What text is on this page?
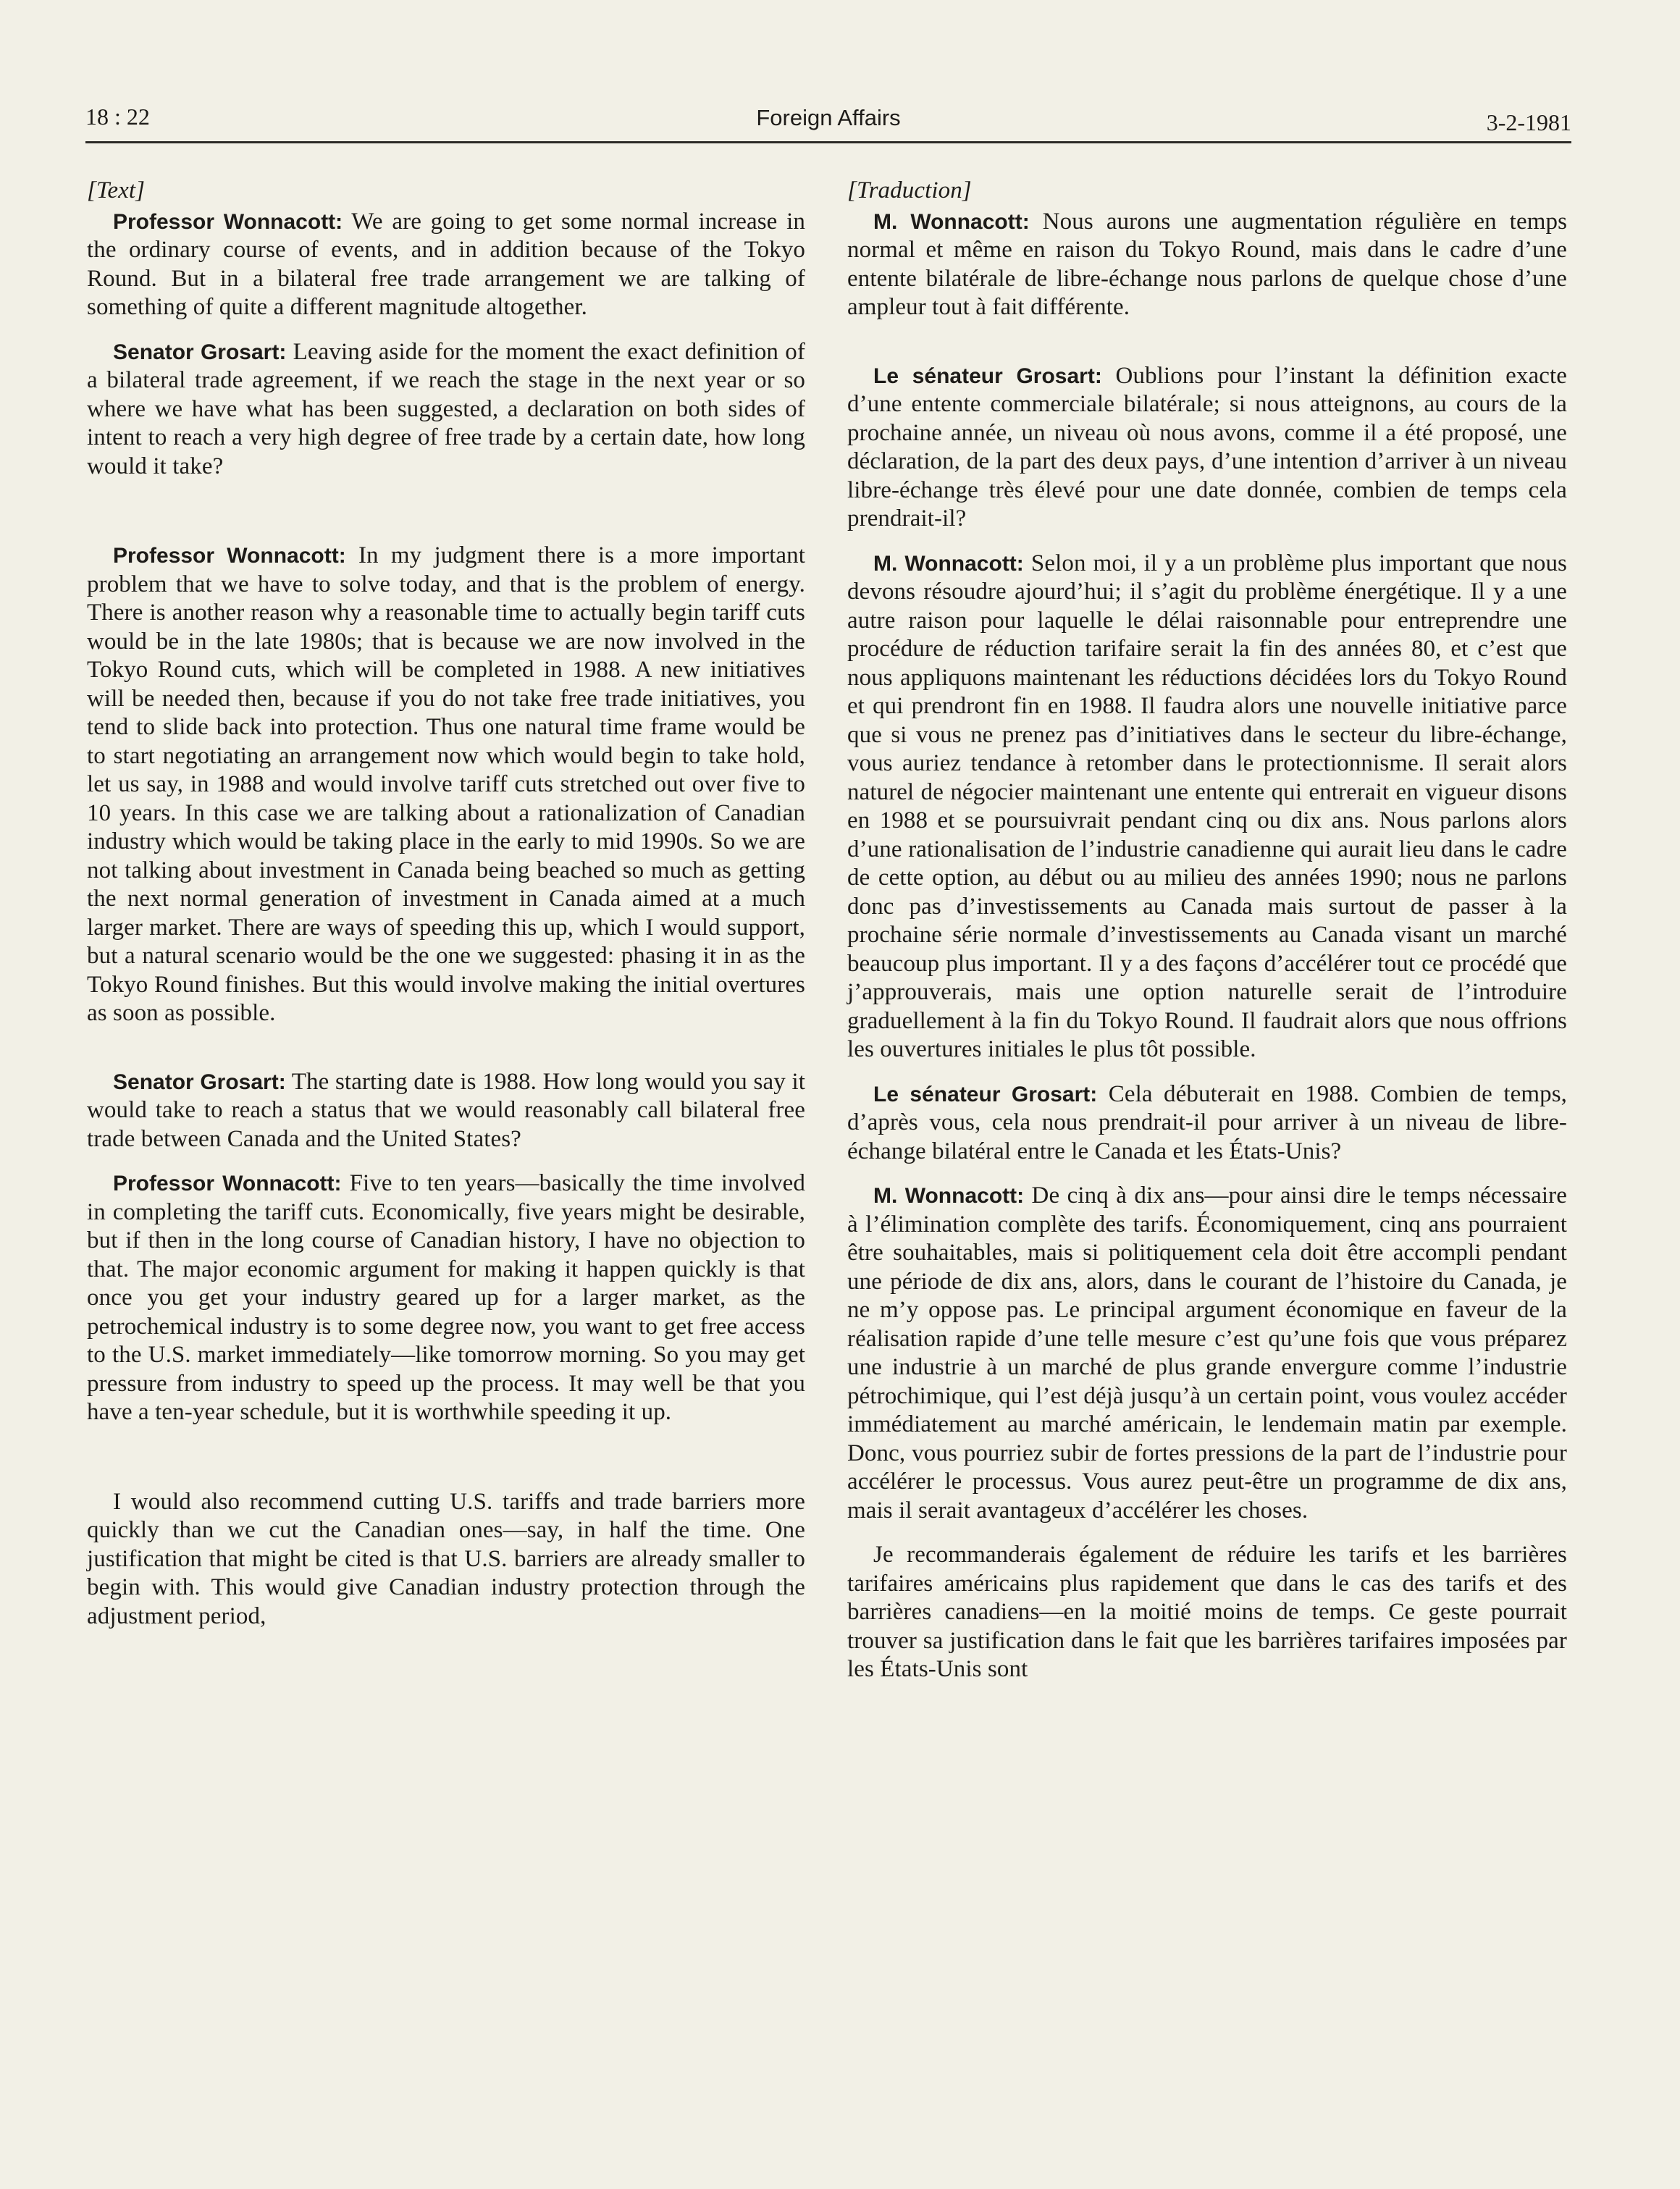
18 : 22	Foreign Affairs	3-2-1981

[Text]

Professor Wonnacott: We are going to get some normal increase in the ordinary course of events, and in addition because of the Tokyo Round. But in a bilateral free trade arrangement we are talking of something of quite a different magnitude altogether.

Senator Grosart: Leaving aside for the moment the exact definition of a bilateral trade agreement, if we reach the stage in the next year or so where we have what has been suggested, a declaration on both sides of intent to reach a very high degree of free trade by a certain date, how long would it take?

Professor Wonnacott: In my judgment there is a more important problem that we have to solve today, and that is the problem of energy. There is another reason why a reasonable time to actually begin tariff cuts would be in the late 1980s; that is because we are now involved in the Tokyo Round cuts, which will be completed in 1988. A new initiatives will be needed then, because if you do not take free trade initiatives, you tend to slide back into protection. Thus one natural time frame would be to start negotiating an arrangement now which would begin to take hold, let us say, in 1988 and would involve tariff cuts stretched out over five to 10 years. In this case we are talking about a rationalization of Canadian industry which would be taking place in the early to mid 1990s. So we are not talking about investment in Canada being beached so much as getting the next normal generation of investment in Canada aimed at a much larger market. There are ways of speeding this up, which I would support, but a natural scenario would be the one we suggested: phasing it in as the Tokyo Round finishes. But this would involve making the initial overtures as soon as possible.

Senator Grosart: The starting date is 1988. How long would you say it would take to reach a status that we would reasonably call bilateral free trade between Canada and the United States?

Professor Wonnacott: Five to ten years—basically the time involved in completing the tariff cuts. Economically, five years might be desirable, but if then in the long course of Canadian history, I have no objection to that. The major economic argument for making it happen quickly is that once you get your industry geared up for a larger market, as the petrochemical industry is to some degree now, you want to get free access to the U.S. market immediately—like tomorrow morning. So you may get pressure from industry to speed up the process. It may well be that you have a ten-year schedule, but it is worthwhile speeding it up.

I would also recommend cutting U.S. tariffs and trade barriers more quickly than we cut the Canadian ones—say, in half the time. One justification that might be cited is that U.S. barriers are already smaller to begin with. This would give Canadian industry protection through the adjustment period,

[Traduction]

M. Wonnacott: Nous aurons une augmentation régulière en temps normal et même en raison du Tokyo Round, mais dans le cadre d’une entente bilatérale de libre-échange nous parlons de quelque chose d’une ampleur tout à fait différente.

Le sénateur Grosart: Oublions pour l’instant la définition exacte d’une entente commerciale bilatérale; si nous atteignons, au cours de la prochaine année, un niveau où nous avons, comme il a été proposé, une déclaration, de la part des deux pays, d’une intention d’arriver à un niveau libre-échange très élevé pour une date donnée, combien de temps cela prendrait-il?

M. Wonnacott: Selon moi, il y a un problème plus important que nous devons résoudre ajourd’hui; il s’agit du problème énergétique. Il y a une autre raison pour laquelle le délai raisonnable pour entreprendre une procédure de réduction tarifaire serait la fin des années 80, et c’est que nous appliquons maintenant les réductions décidées lors du Tokyo Round et qui prendront fin en 1988. Il faudra alors une nouvelle initiative parce que si vous ne prenez pas d’initiatives dans le secteur du libre-échange, vous auriez tendance à retomber dans le protectionnisme. Il serait alors naturel de négocier maintenant une entente qui entrerait en vigueur disons en 1988 et se poursuivrait pendant cinq ou dix ans. Nous parlons alors d’une rationalisation de l’industrie canadienne qui aurait lieu dans le cadre de cette option, au début ou au milieu des années 1990; nous ne parlons donc pas d’investissements au Canada mais surtout de passer à la prochaine série normale d’investissements au Canada visant un marché beaucoup plus important. Il y a des façons d’accélérer tout ce procédé que j’approuverais, mais une option naturelle serait de l’introduire graduellement à la fin du Tokyo Round. Il faudrait alors que nous offrions les ouvertures initiales le plus tôt possible.

Le sénateur Grosart: Cela débuterait en 1988. Combien de temps, d’après vous, cela nous prendrait-il pour arriver à un niveau de libre-échange bilatéral entre le Canada et les États-Unis?

M. Wonnacott: De cinq à dix ans—pour ainsi dire le temps nécessaire à l’élimination complète des tarifs. Économiquement, cinq ans pourraient être souhaitables, mais si politiquement cela doit être accompli pendant une période de dix ans, alors, dans le courant de l’histoire du Canada, je ne m’y oppose pas. Le principal argument économique en faveur de la réalisation rapide d’une telle mesure c’est qu’une fois que vous préparez une industrie à un marché de plus grande envergure comme l’industrie pétrochimique, qui l’est déjà jusqu’à un certain point, vous voulez accéder immédiatement au marché américain, le lendemain matin par exemple. Donc, vous pourriez subir de fortes pressions de la part de l’industrie pour accélérer le processus. Vous aurez peut-être un programme de dix ans, mais il serait avantageux d’accélérer les choses.

Je recommanderais également de réduire les tarifs et les barrières tarifaires américains plus rapidement que dans le cas des tarifs et des barrières canadiens—en la moitié moins de temps. Ce geste pourrait trouver sa justification dans le fait que les barrières tarifaires imposées par les États-Unis sont
